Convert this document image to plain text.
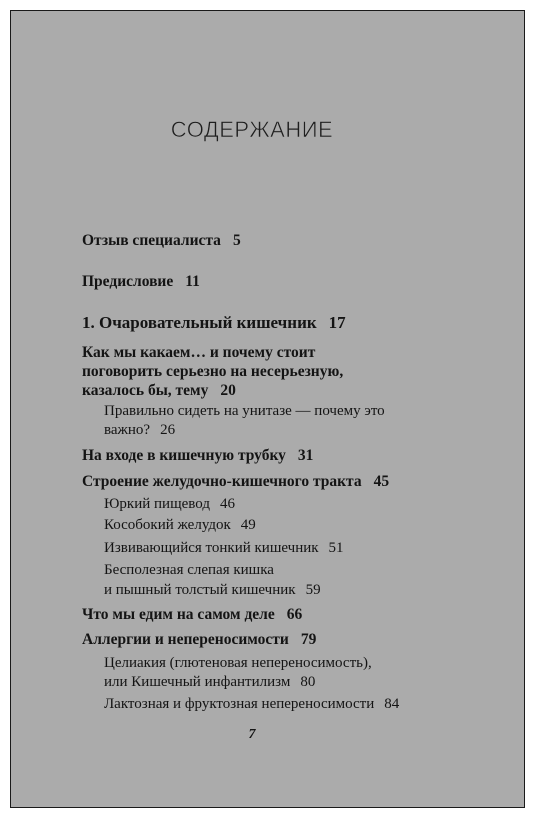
СОДЕРЖАНИЕ
Отзыв специалиста 5
Предисловие 11
1. Очаровательный кишечник 17
Как мы какаем… и почему стоит
поговорить серьезно на несерьезную,
казалось бы, тему 20
Правильно сидеть на унитазе — почему это
важно? 26
На входе в кишечную трубку 31
Строение желудочно-кишечного тракта 45
Юркий пищевод 46
Кособокий желудок 49
Извивающийся тонкий кишечник 51
Бесполезная слепая кишка
и пышный толстый кишечник 59
Что мы едим на самом деле 66
Аллергии и непереносимости 79
Целиакия (глютеновая непереносимость),
или Кишечный инфантилизм 80
Лактозная и фруктозная непереносимости 84
7
